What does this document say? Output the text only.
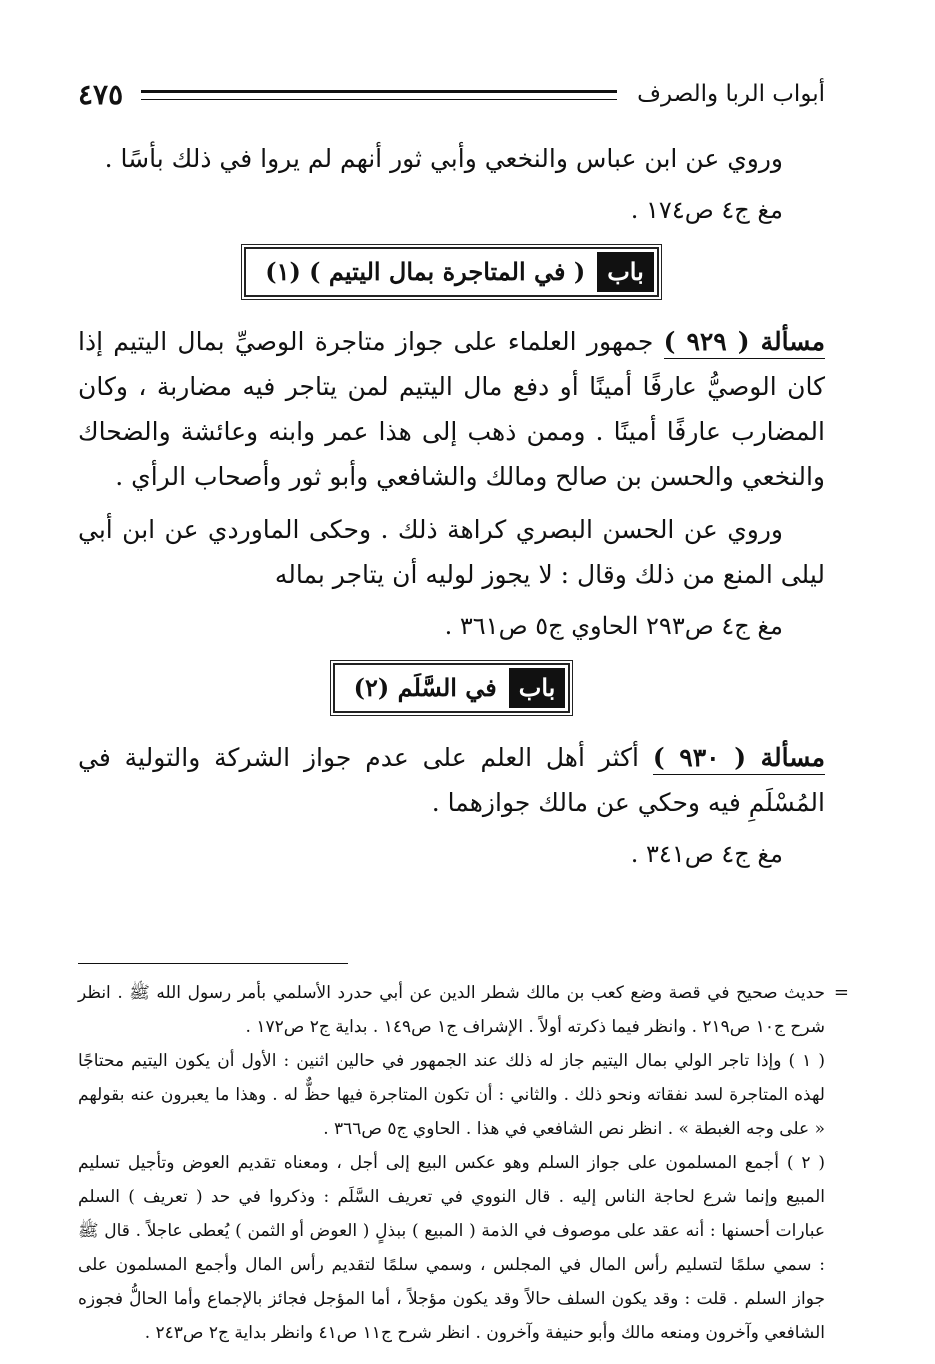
أبواب الربا والصرف
٤٧٥

وروي عن ابن عباس والنخعي وأبي ثور أنهم لم يروا في ذلك بأسًا .

مغ ج٤ ص١٧٤ .

باب
( في المتاجرة بمال اليتيم ) (١)

مسألة ( ٩٢٩ ) جمهور العلماء على جواز متاجرة الوصيِّ بمال اليتيم إذا كان الوصيُّ عارفًا أمينًا أو دفع مال اليتيم لمن يتاجر فيه مضاربة ، وكان المضارب عارفًا أمينًا . وممن ذهب إلى هذا عمر وابنه وعائشة والضحاك والنخعي والحسن بن صالح ومالك والشافعي وأبو ثور وأصحاب الرأي .

وروي عن الحسن البصري كراهة ذلك . وحكى الماوردي عن ابن أبي ليلى المنع من ذلك وقال : لا يجوز لوليه أن يتاجر بماله

مغ ج٤ ص٢٩٣ الحاوي ج٥ ص٣٦١ .

باب
في السَّلَم (٢)

مسألة ( ٩٣٠ ) أكثر أهل العلم على عدم جواز الشركة والتولية في المُسْلَمِ فيه وحكي عن مالك جوازهما .

مغ ج٤ ص٣٤١ .

=

حديث صحيح في قصة وضع كعب بن مالك شطر الدين عن أبي حدرد الأسلمي بأمر رسول الله ﷺ . انظر شرح ج١٠ ص٢١٩ . وانظر فيما ذكرته أولاً . الإشراف ج١ ص١٤٩ . بداية ج٢ ص١٧٢ .

( ١ ) وإذا تاجر الولي بمال اليتيم جاز له ذلك عند الجمهور في حالين اثنين : الأول أن يكون اليتيم محتاجًا لهذه المتاجرة لسد نفقاته ونحو ذلك . والثاني : أن تكون المتاجرة فيها حظٌّ له . وهذا ما يعبرون عنه بقولهم « على وجه الغبطة » . انظر نص الشافعي في هذا . الحاوي ج٥ ص٣٦٦ .

( ٢ ) أجمع المسلمون على جواز السلم وهو عكس البيع إلى أجل ، ومعناه تقديم العوض وتأجيل تسليم المبيع وإنما شرع لحاجة الناس إليه . قال النووي في تعريف السَّلَم : وذكروا في حد ( تعريف ) السلم عبارات أحسنها : أنه عقد على موصوف في الذمة ( المبيع ) ببذلٍ ( العوض أو الثمن ) يُعطى عاجلاً . قال ﷺ : سمي سلمًا لتسليم رأس المال في المجلس ، وسمي سلمًا لتقديم رأس المال وأجمع المسلمون على جواز السلم . قلت : وقد يكون السلف حالاً وقد يكون مؤجلاً ، أما المؤجل فجائز بالإجماع وأما الحالُّ فجوزه الشافعي وآخرون ومنعه مالك وأبو حنيفة وآخرون . انظر شرح ج١١ ص٤١ وانظر بداية ج٢ ص٢٤٣ .
